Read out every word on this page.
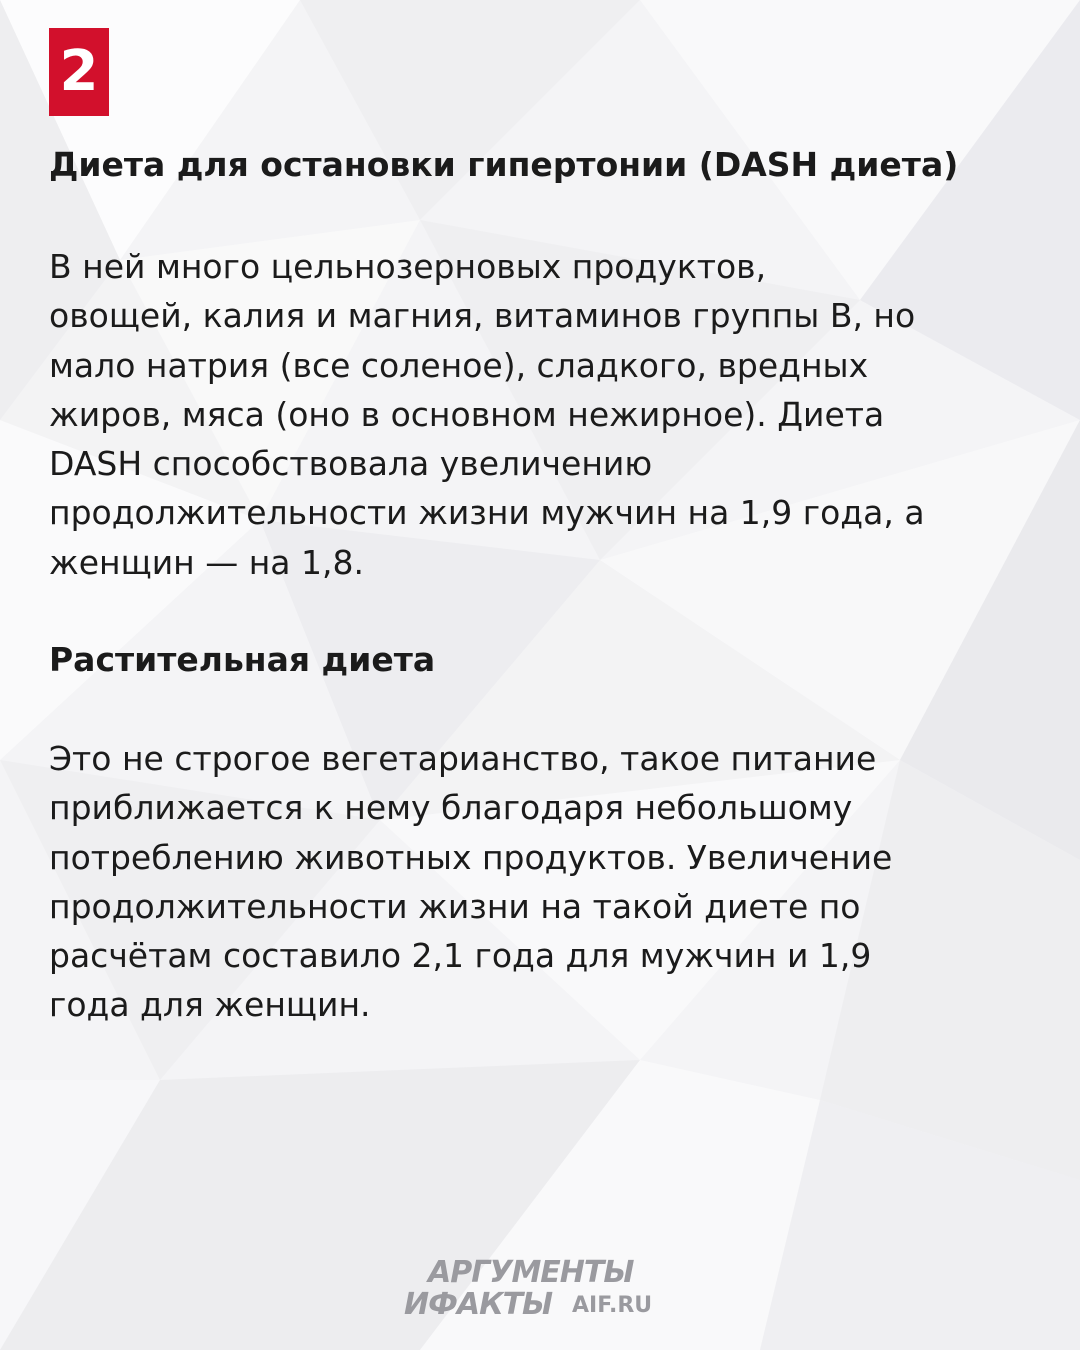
2
Диета для остановки гипертонии (DASH диета)

В ней много цельнозерновых продуктов,
овощей, калия и магния, витаминов группы В, но
мало натрия (все соленое), сладкого, вредных
жиров, мяса (оно в основном нежирное). Диета
DASH способствовала увеличению
продолжительности жизни мужчин на 1,9 года, а
женщин — на 1,8.

Растительная диета

Это не строгое вегетарианство, такое питание
приближается к нему благодаря небольшому
потреблению животных продуктов. Увеличение
продолжительности жизни на такой диете по
расчётам составило 2,1 года для мужчин и 1,9
года для женщин.

АРГУМЕНТЫ
ИФАКТЫ AIF.RU
